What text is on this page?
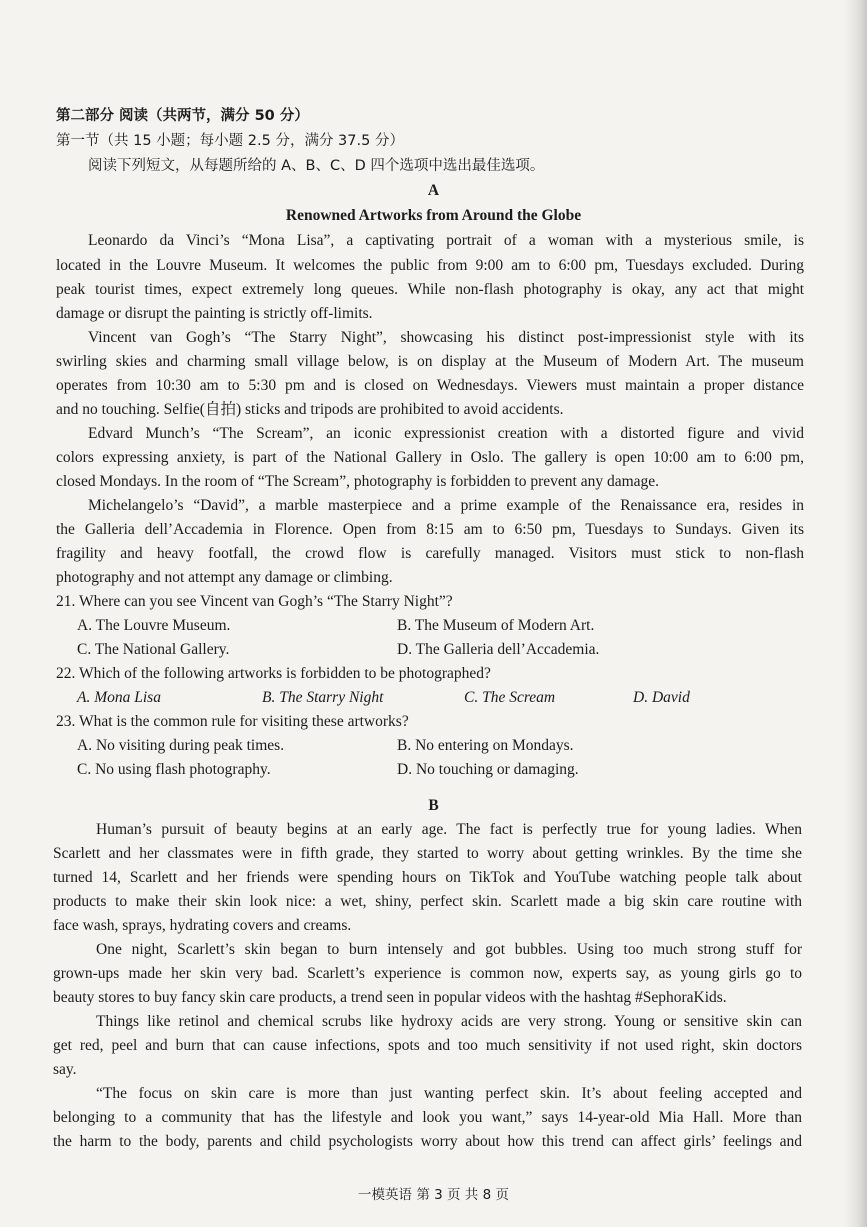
第二部分 阅读（共两节，满分 50 分）
第一节（共 15 小题；每小题 2.5 分，满分 37.5 分）
阅读下列短文，从每题所给的 A、B、C、D 四个选项中选出最佳选项。
A
Renowned Artworks from Around the Globe
Leonardo da Vinci’s “Mona Lisa”, a captivating portrait of a woman with a mysterious smile, is
located in the Louvre Museum. It welcomes the public from 9:00 am to 6:00 pm, Tuesdays excluded. During
peak tourist times, expect extremely long queues. While non-flash photography is okay, any act that might
damage or disrupt the painting is strictly off-limits.
Vincent van Gogh’s “The Starry Night”, showcasing his distinct post-impressionist style with its
swirling skies and charming small village below, is on display at the Museum of Modern Art. The museum
operates from 10:30 am to 5:30 pm and is closed on Wednesdays. Viewers must maintain a proper distance
and no touching. Selfie(自拍) sticks and tripods are prohibited to avoid accidents.
Edvard Munch’s “The Scream”, an iconic expressionist creation with a distorted figure and vivid
colors expressing anxiety, is part of the National Gallery in Oslo. The gallery is open 10:00 am to 6:00 pm,
closed Mondays. In the room of “The Scream”, photography is forbidden to prevent any damage.
Michelangelo’s “David”, a marble masterpiece and a prime example of the Renaissance era, resides in
the Galleria dell’Accademia in Florence. Open from 8:15 am to 6:50 pm, Tuesdays to Sundays. Given its
fragility and heavy footfall, the crowd flow is carefully managed. Visitors must stick to non-flash
photography and not attempt any damage or climbing.
21. Where can you see Vincent van Gogh’s “The Starry Night”?
A. The Louvre Museum.	B. The Museum of Modern Art.
C. The National Gallery.	D. The Galleria dell’Accademia.
22. Which of the following artworks is forbidden to be photographed?
A. Mona Lisa	B. The Starry Night	C. The Scream	D. David
23. What is the common rule for visiting these artworks?
A. No visiting during peak times.	B. No entering on Mondays.
C. No using flash photography.	D. No touching or damaging.
B
Human’s pursuit of beauty begins at an early age. The fact is perfectly true for young ladies. When
Scarlett and her classmates were in fifth grade, they started to worry about getting wrinkles. By the time she
turned 14, Scarlett and her friends were spending hours on TikTok and YouTube watching people talk about
products to make their skin look nice: a wet, shiny, perfect skin. Scarlett made a big skin care routine with
face wash, sprays, hydrating covers and creams.
One night, Scarlett’s skin began to burn intensely and got bubbles. Using too much strong stuff for
grown-ups made her skin very bad. Scarlett’s experience is common now, experts say, as young girls go to
beauty stores to buy fancy skin care products, a trend seen in popular videos with the hashtag #SephoraKids.
Things like retinol and chemical scrubs like hydroxy acids are very strong. Young or sensitive skin can
get red, peel and burn that can cause infections, spots and too much sensitivity if not used right, skin doctors
say.
“The focus on skin care is more than just wanting perfect skin. It’s about feeling accepted and
belonging to a community that has the lifestyle and look you want,” says 14-year-old Mia Hall. More than
the harm to the body, parents and child psychologists worry about how this trend can affect girls’ feelings and
一模英语 第 3 页 共 8 页
